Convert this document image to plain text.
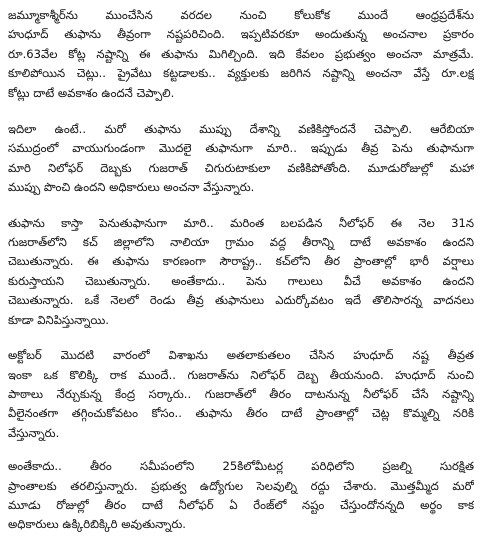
జమ్మూకాశ్మీర్‌ను ముంచేసిన వరదల నుంచి కోలుకోక ముందే ఆంధ్రప్రదేశ్‌ను
హుధూద్ తుఫాను తీవ్రంగా నష్టపరిచింది. ఇప్పటివరకూ అందుతున్న అంచనాల ప్రకారం
రూ.63వేల కోట్ల నష్టాన్ని ఈ తుఫాను మిగిల్చింది. ఇది కేవలం ప్రభుత్వం అంచనా మాత్రమే.
కూలిపోయిన చెట్లు.. ప్రైవేటు కట్టడాలకు.. వ్యక్తులకు జరిగిన నష్టాన్ని అంచనా వేస్తే రూ.లక్ష
కోట్లు దాటే అవకాశం ఉందనే చెప్పాలి.
ఇదిలా ఉంటే.. మరో తుఫాను ముప్పు దేశాన్ని వణికిస్తోందనే చెప్పాలి. ఆరేబియా
సముద్రంలో వాయుగుండంగా మొదలై తుఫానుగా మారి.. ఇప్పుడు తీవ్ర పెను తుఫానుగా
మారి నిలోఫర్ దెబ్బకు గుజరాత్ చిగురుటాకులా వణికిపోతోంది. మూడురోజుల్లో మహా
ముప్పు పొంచి ఉందని అధికారులు అంచనా వేస్తున్నారు.
తుఫాను కాస్తా పెనుతుఫానుగా మారి.. మరింత బలపడిన నీలోఫర్ ఈ నెల 31న
గుజరాత్‌లోని కచ్ జిల్లాలోని నాలియా గ్రామం వద్ద తీరాన్ని దాటే అవకాశం ఉందని
చెబుతున్నారు. ఈ తుఫాను కారణంగా సౌరాష్ట్ర.. కచ్‌లోని తీర ప్రాంతాల్లో భారీ వర్షాలు
కురుస్తాయని చెబుతున్నారు. అంతేకాదు.. పెను గాలులు వీచే అవకాశం ఉందని
చెబుతున్నారు. ఒకే నెలలో రెండు తీవ్ర తుఫానులు ఎదుర్కోవటం ఇదే తొలిసారన్న వాదనలు
కూడా వినిపిస్తున్నాయి.
అక్టోబర్ మొదటి వారంలో విశాఖను అతలాకుతలం చేసిన హుధూద్ నష్ట తీవ్రత
ఇంకా ఒక కొలిక్కి రాక ముందే.. గుజరాత్‌ను నిలోఫర్ దెబ్బ తీయనుంది. హుధూద్ నుంచి
పాఠాలు నేర్చుకున్న కేంద్ర సర్కారు.. గుజరాత్‌లో తీరం దాటనున్న నీలోఫర్ చేసే నష్టాన్ని
వీలైనంతగా తగ్గించుకోవటం కోసం.. తుఫాను తీరం దాటే ప్రాంతాల్లో చెట్ల కొమ్మల్ని నరికి
వేస్తున్నారు.
అంతేకాదు.. తీరం సమీపంలోని 25కిలోమీటర్ల పరిధిలోని ప్రజల్ని సురక్షిత
ప్రాంతాలకు తరలిస్తున్నారు. ప్రభుత్వ ఉద్యోగుల సెలవుల్ని రద్దు చేశారు. మొత్తమ్మీద మరో
మూడు రోజుల్లో తీరం దాటే నీలోఫర్ ఏ రేంజ్‌లో నష్టం చేస్తుందోనన్నది అర్థం కాక
అధికారులు ఉక్కిరిబిక్కిరి అవుతున్నారు.
